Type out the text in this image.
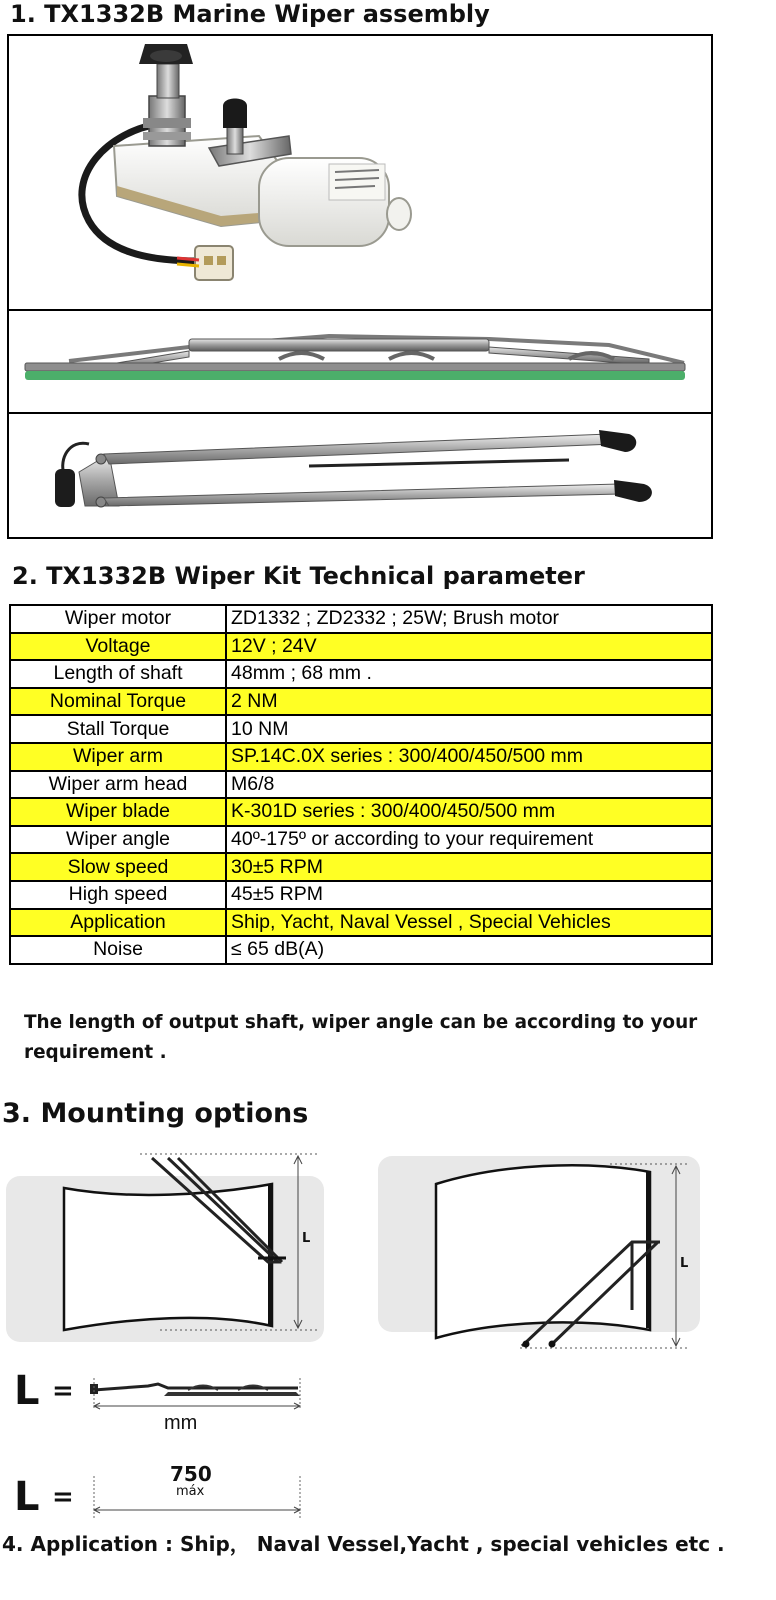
1. TX1332B Marine Wiper assembly
2. TX1332B Wiper Kit Technical parameter
3. Mounting options
4. Application : Ship， Naval Vessel,Yacht , special vehicles etc .
Wiper motor	ZD1332 ; ZD2332 ; 25W; Brush motor
Voltage	12V ; 24V
Length of shaft	48mm ; 68 mm .
Nominal Torque	2 NM
Stall Torque	10 NM
Wiper arm	SP.14C.0X series : 300/400/450/500 mm
Wiper arm head	M6/8
Wiper blade	K-301D series : 300/400/450/500 mm
Wiper angle	40º-175º or according to your requirement
Slow speed	30±5 RPM
High speed	45±5 RPM
Application	Ship, Yacht, Naval Vessel , Special Vehicles
Noise	≤ 65 dB(A)
The length of output shaft, wiper angle can be according to your requirement .
L
L
L =
mm
L =
750
máx
